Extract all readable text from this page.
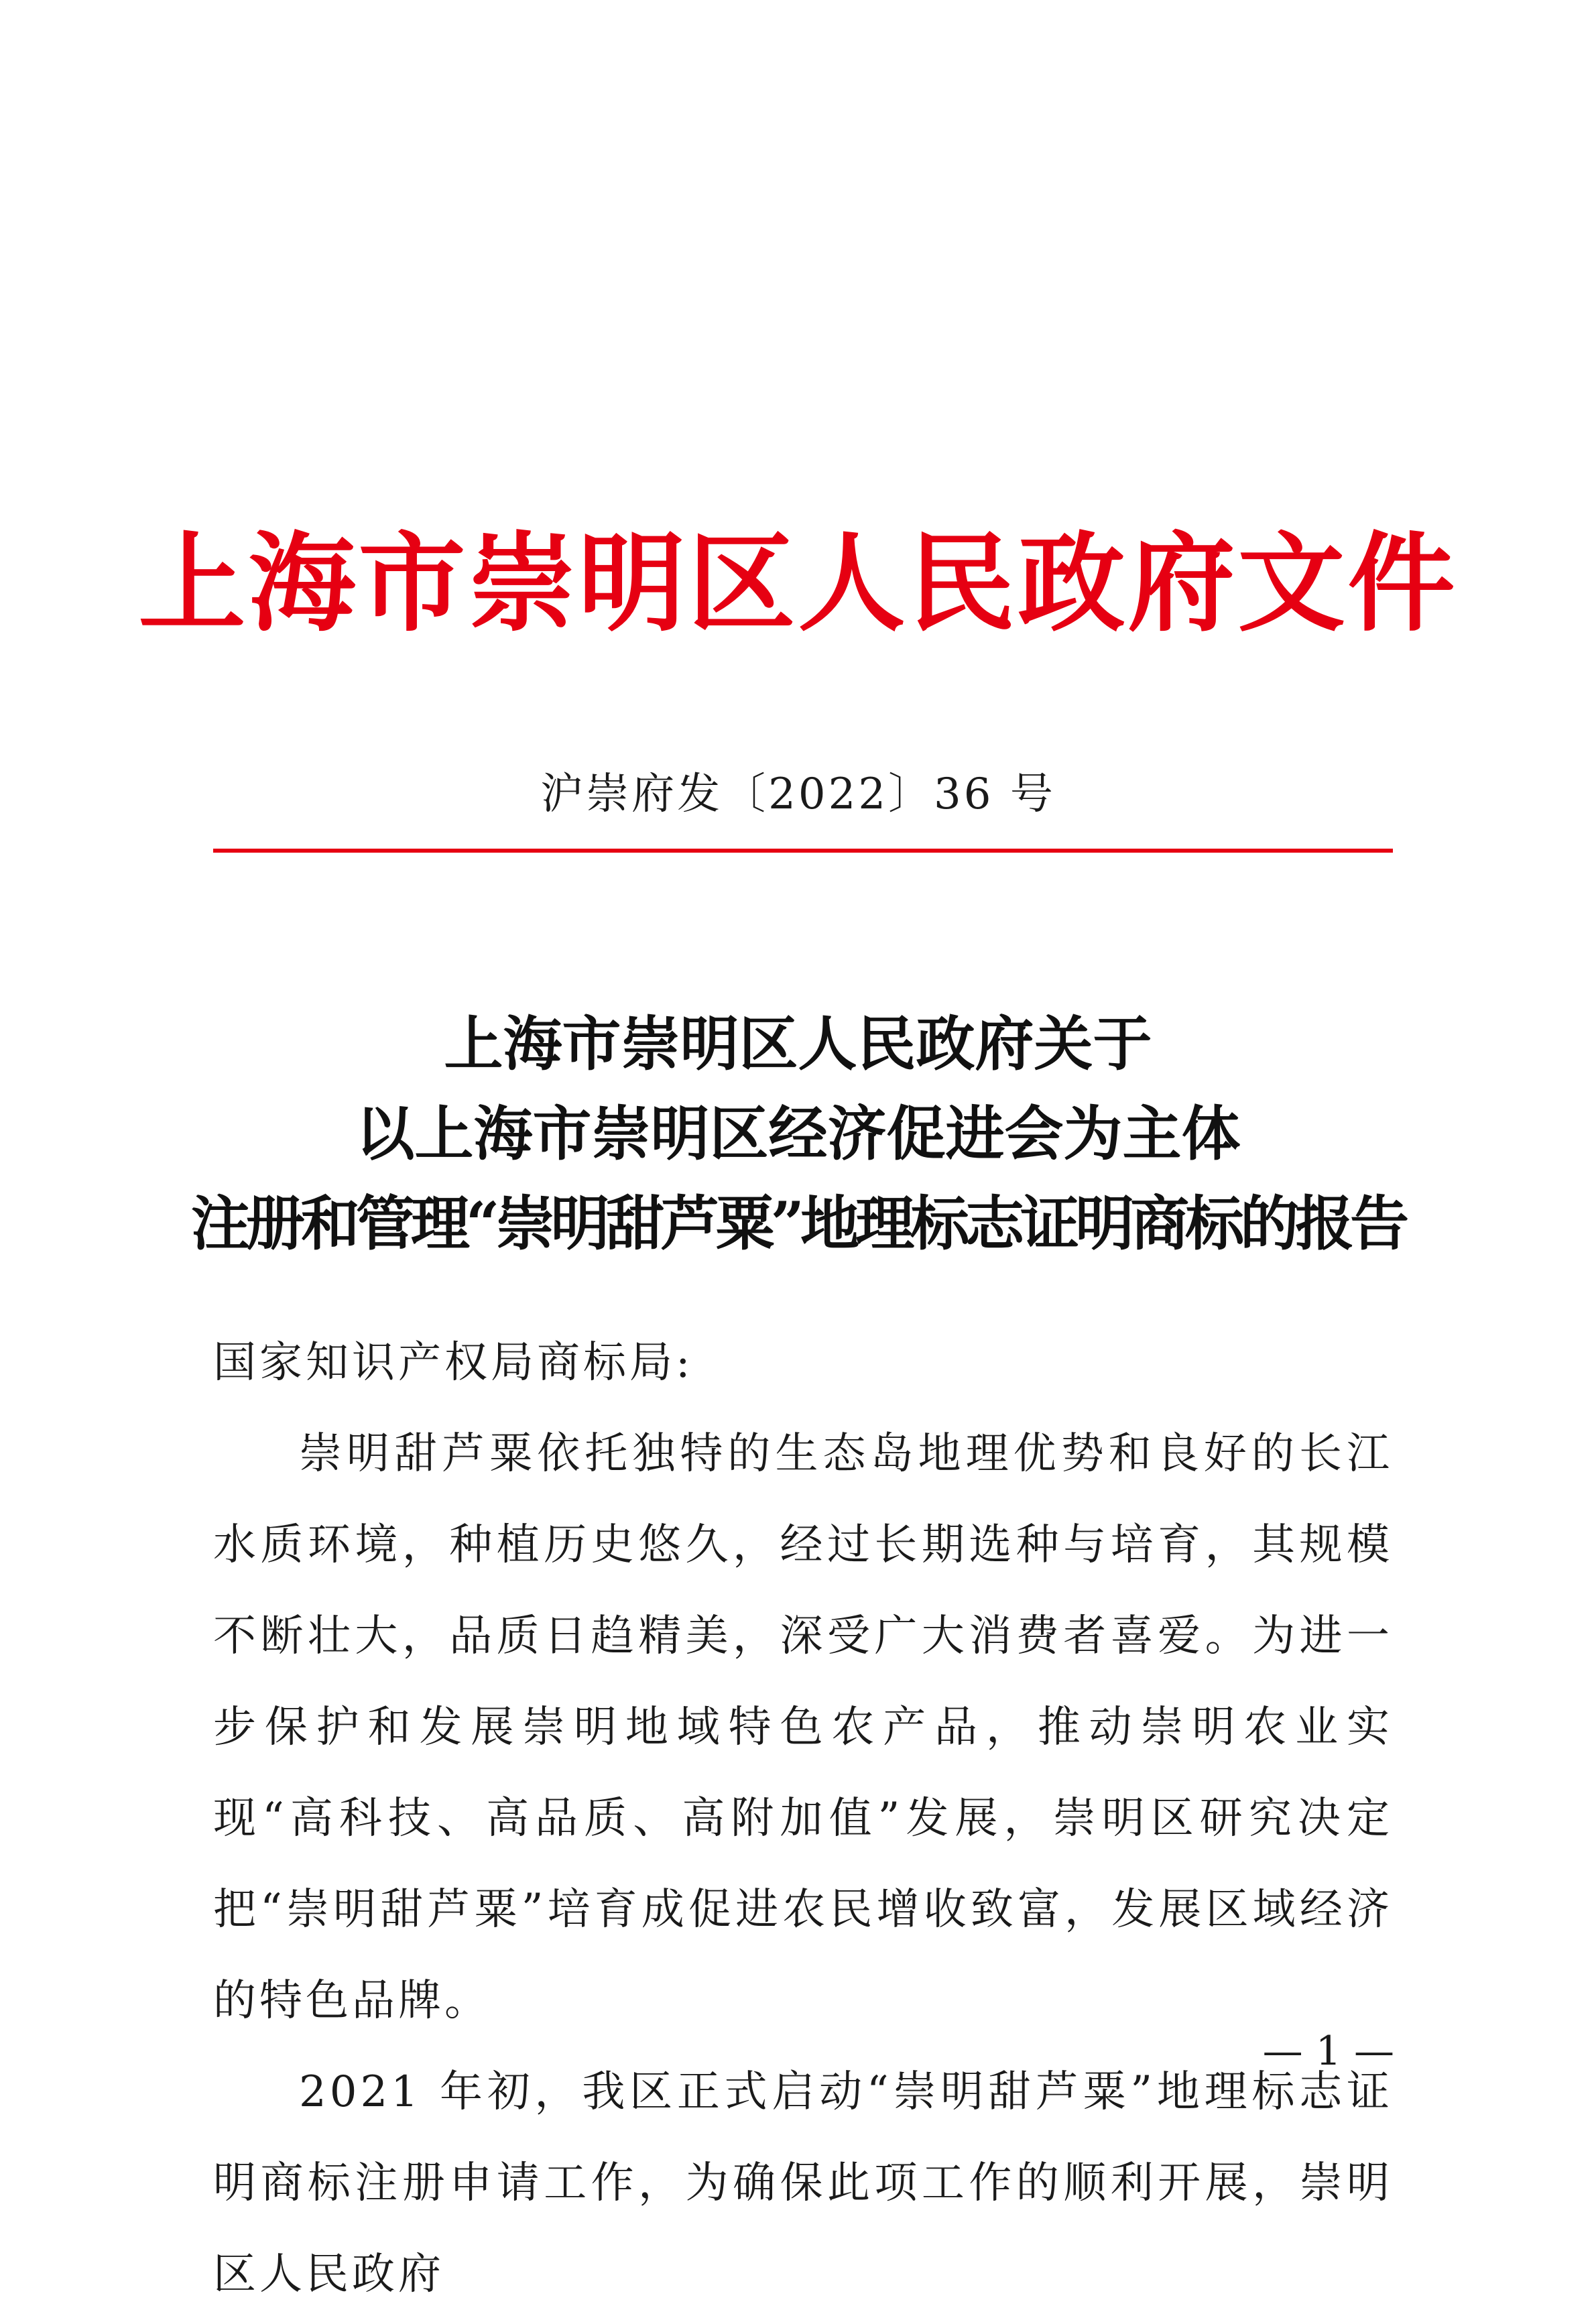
上海市崇明区人民政府文件
沪崇府发〔2022〕36 号
上海市崇明区人民政府关于
以上海市崇明区经济促进会为主体
注册和管理“崇明甜芦粟”地理标志证明商标的报告

国家知识产权局商标局:

崇明甜芦粟依托独特的生态岛地理优势和良好的长江水质环境，种植历史悠久，经过长期选种与培育，其规模不断壮大，品质日趋精美，深受广大消费者喜爱。为进一步保护和发展崇明地域特色农产品，推动崇明农业实现“高科技、高品质、高附加值”发展，崇明区研究决定把“崇明甜芦粟”培育成促进农民增收致富，发展区域经济的特色品牌。

2021 年初，我区正式启动“崇明甜芦粟”地理标志证明商标注册申请工作，为确保此项工作的顺利开展，崇明区人民政府

— 1 —
